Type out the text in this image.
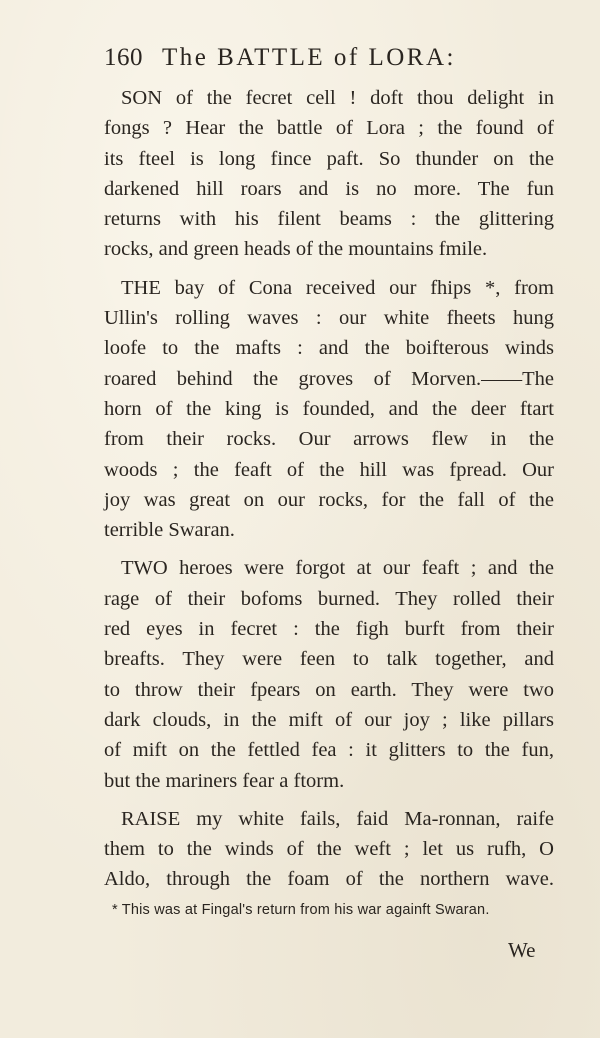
160 The BATTLE of LORA:
SON of the fecret cell ! doft thou delight in
fongs ? Hear the battle of Lora ; the found of
its fteel is long fince paft. So thunder on the
darkened hill roars and is no more. The fun
returns with his filent beams : the glittering
rocks, and green heads of the mountains fmile.
THE bay of Cona received our fhips *, from
Ullin's rolling waves : our white fheets hung
loofe to the mafts : and the boifterous winds
roared behind the groves of Morven.——The
horn of the king is founded, and the deer ftart
from their rocks. Our arrows flew in the
woods ; the feaft of the hill was fpread. Our
joy was great on our rocks, for the fall of the
terrible Swaran.
TWO heroes were forgot at our feaft ; and the
rage of their bofoms burned. They rolled their
red eyes in fecret : the figh burft from their
breafts. They were feen to talk together, and
to throw their fpears on earth. They were two
dark clouds, in the mift of our joy ; like pillars
of mift on the fettled fea : it glitters to the fun,
but the mariners fear a ftorm.
RAISE my white fails, faid Ma-ronnan, raife
them to the winds of the weft ; let us rufh, O
Aldo, through the foam of the northern wave.
* This was at Fingal's return from his war againft Swaran.
We
